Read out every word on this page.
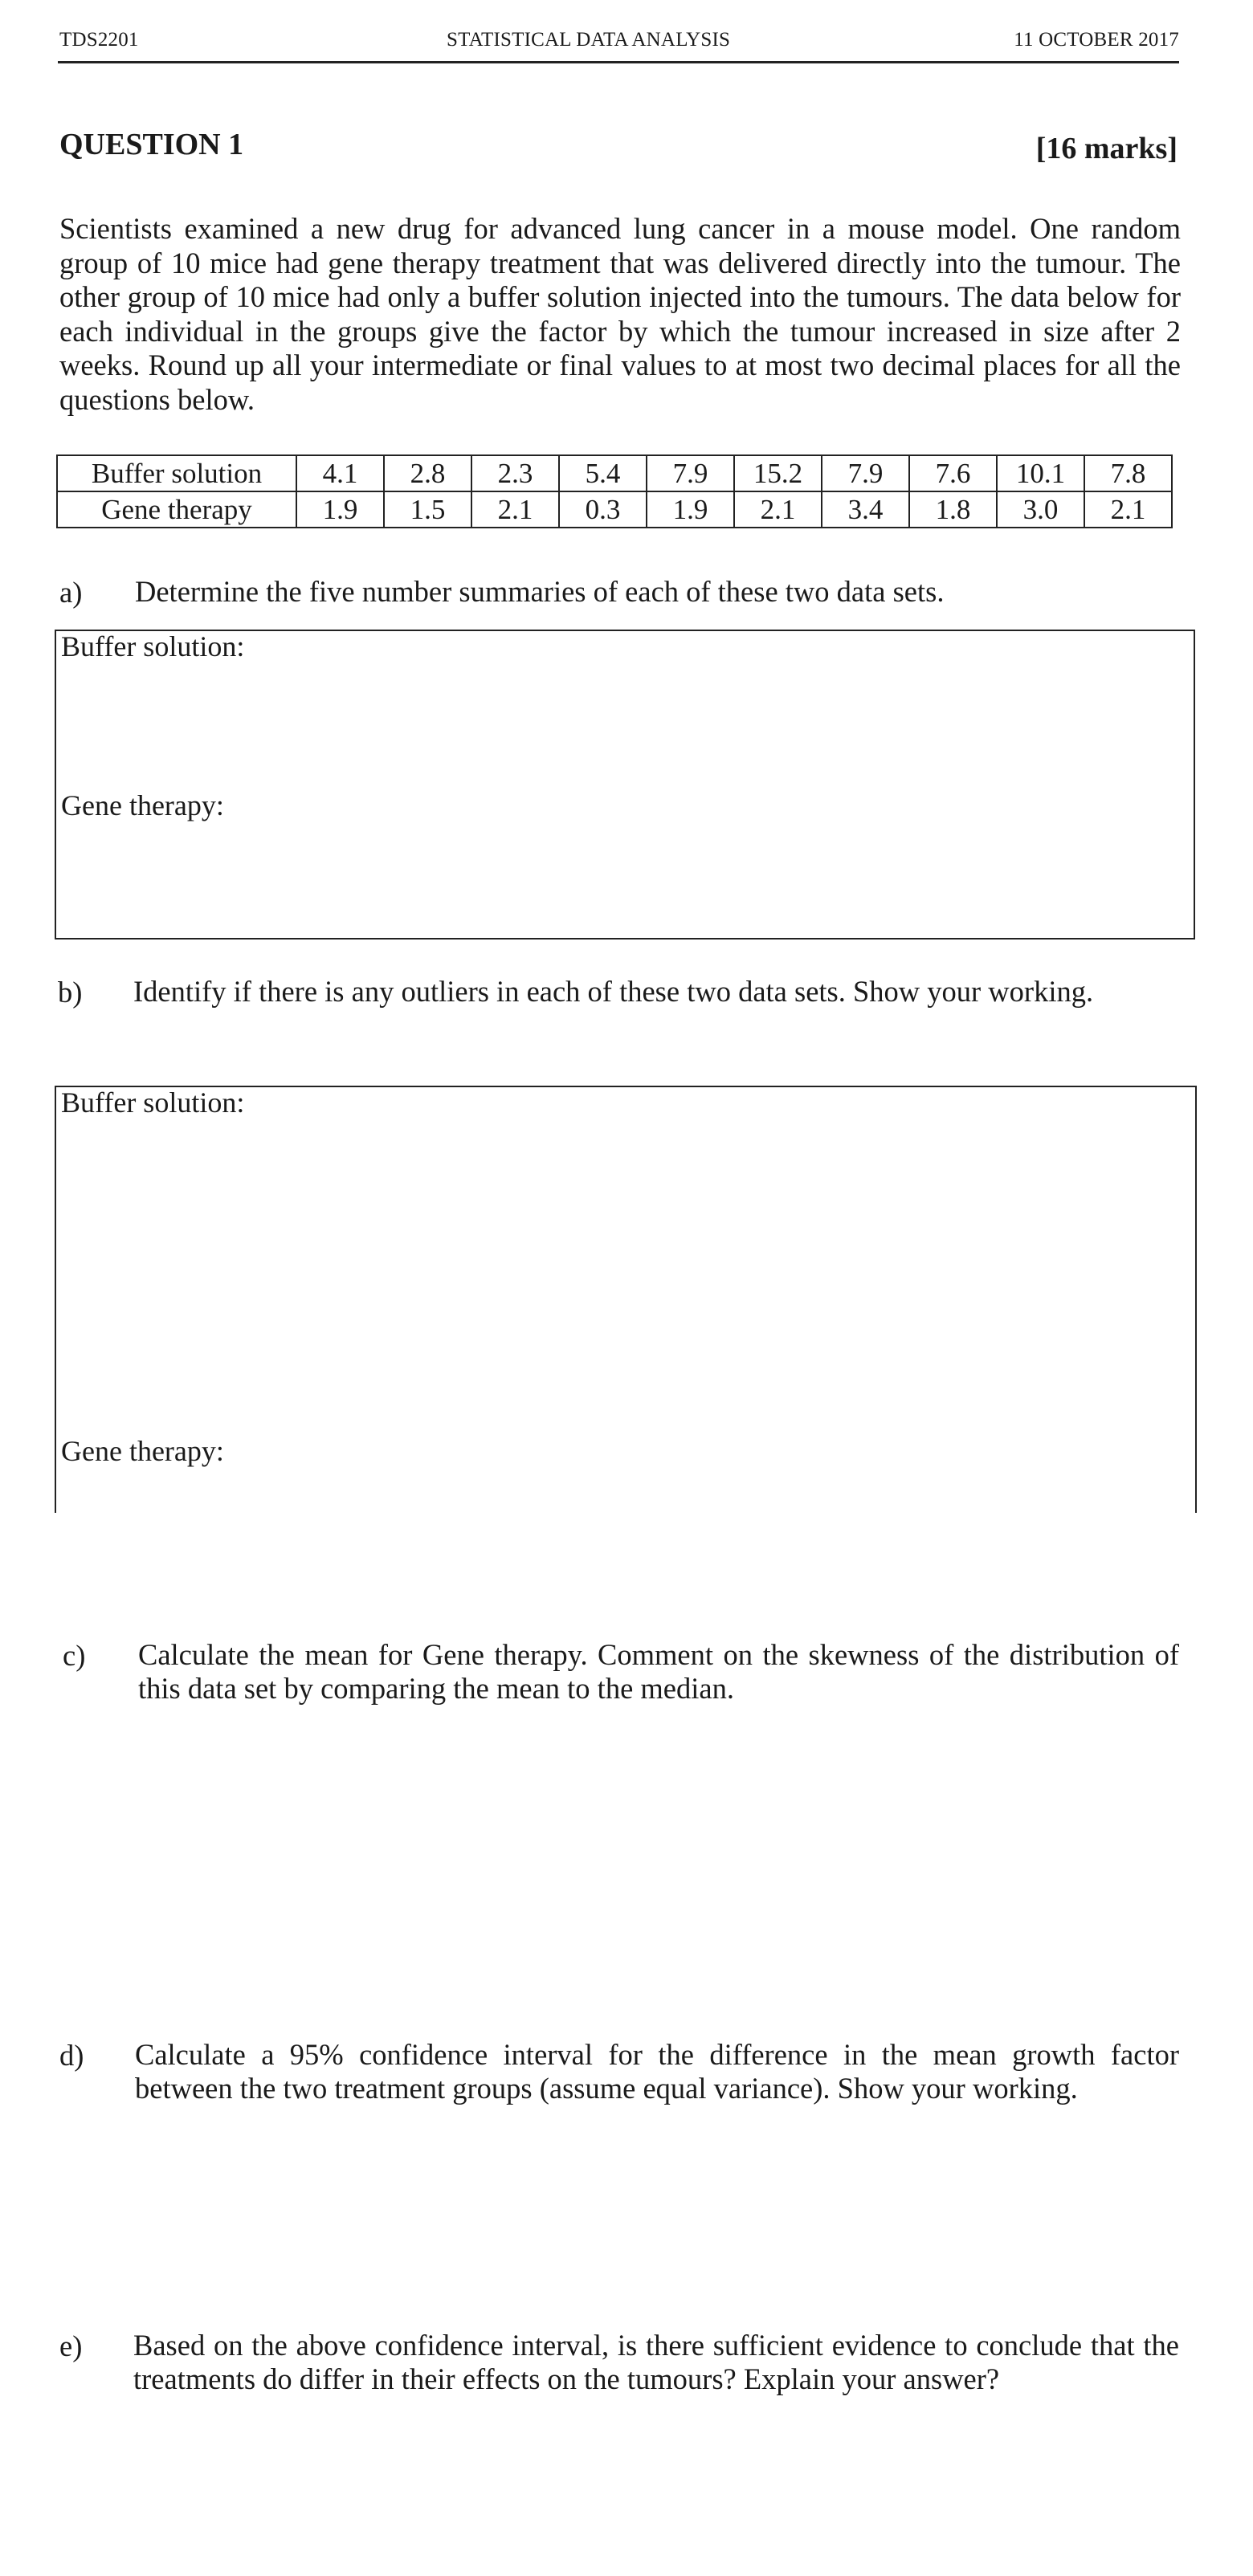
TDS2201	STATISTICAL DATA ANALYSIS	11 OCTOBER 2017
QUESTION 1	[16 marks]
Scientists examined a new drug for advanced lung cancer in a mouse model. One random group of 10 mice had gene therapy treatment that was delivered directly into the tumour. The other group of 10 mice had only a buffer solution injected into the tumours. The data below for each individual in the groups give the factor by which the tumour increased in size after 2 weeks. Round up all your intermediate or final values to at most two decimal places for all the questions below.
Buffer solution	4.1	2.8	2.3	5.4	7.9	15.2	7.9	7.6	10.1	7.8
Gene therapy	1.9	1.5	2.1	0.3	1.9	2.1	3.4	1.8	3.0	2.1
a) Determine the five number summaries of each of these two data sets.
Buffer solution:
Gene therapy:
b) Identify if there is any outliers in each of these two data sets. Show your working.
Buffer solution:
Gene therapy:
c) Calculate the mean for Gene therapy. Comment on the skewness of the distribution of this data set by comparing the mean to the median.
d) Calculate a 95% confidence interval for the difference in the mean growth factor between the two treatment groups (assume equal variance). Show your working.
e) Based on the above confidence interval, is there sufficient evidence to conclude that the treatments do differ in their effects on the tumours? Explain your answer?
